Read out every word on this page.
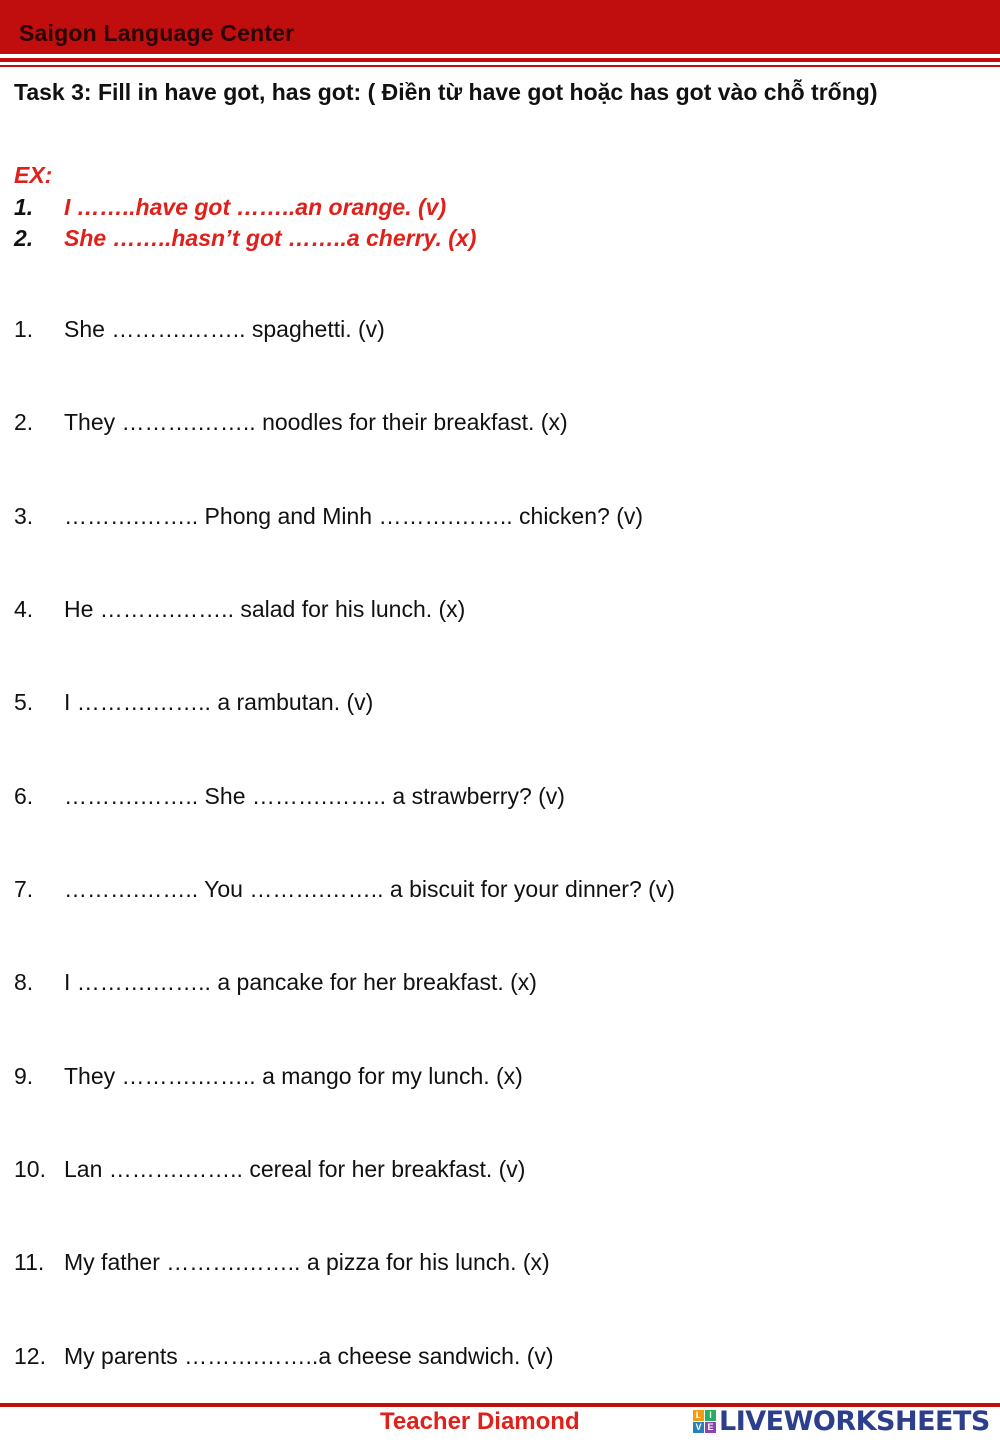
Saigon Language Center
Task 3: Fill in have got, has got: ( Điền từ have got hoặc has got vào chỗ trống)
EX:
1. I ……..have got ……..an orange. (v)
2. She ……..hasn’t got ……..a cherry. (x)
1. She ……….…….. spaghetti. (v)
2. They ……….…….. noodles for their breakfast. (x)
3. ……….…….. Phong and Minh ……….…….. chicken? (v)
4. He ……….…….. salad for his lunch. (x)
5. I ……….…….. a rambutan. (v)
6. ……….…….. She ……….…….. a strawberry? (v)
7. ……….…….. You ……….…….. a biscuit for your dinner? (v)
8. I ……….…….. a pancake for her breakfast. (x)
9. They ……….…….. a mango for my lunch. (x)
10. Lan ……….…….. cereal for her breakfast. (v)
11. My father ……….…….. a pizza for his lunch. (x)
12. My parents ……….……..a cheese sandwich. (v)
Teacher Diamond	L I
V E LIVEWORKSHEETS
